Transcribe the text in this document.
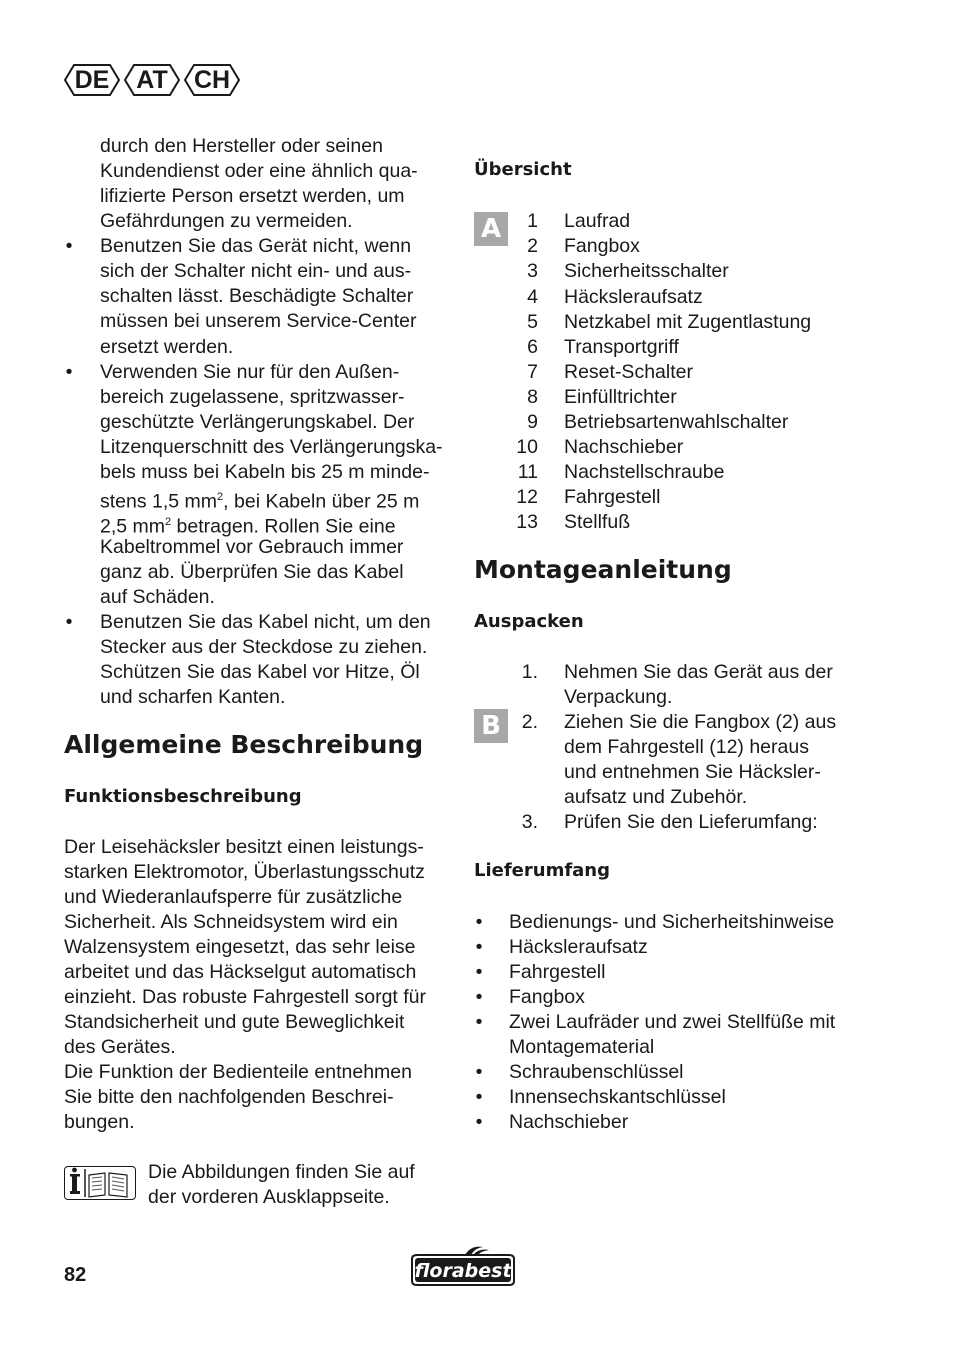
DE AT CH
durch den Hersteller oder seinen
Kundendienst oder eine ähnlich qua-
lifizierte Person ersetzt werden, um
Gefährdungen zu vermeiden.
• Benutzen Sie das Gerät nicht, wenn
sich der Schalter nicht ein- und aus-
schalten lässt. Beschädigte Schalter
müssen bei unserem Service-Center
ersetzt werden.
• Verwenden Sie nur für den Außen-
bereich zugelassene, spritzwasser-
geschützte Verlängerungskabel. Der
Litzenquerschnitt des Verlängerungska-
bels muss bei Kabeln bis 25 m minde-
stens 1,5 $mm^2$, bei Kabeln über 25 m
2,5 $mm^2$ betragen. Rollen Sie eine
Kabeltrommel vor Gebrauch immer
ganz ab. Überprüfen Sie das Kabel
auf Schäden.
• Benutzen Sie das Kabel nicht, um den
Stecker aus der Steckdose zu ziehen.
Schützen Sie das Kabel vor Hitze, Öl
und scharfen Kanten.
Allgemeine Beschreibung
Funktionsbeschreibung
Der Leisehäcksler besitzt einen leistungs-
starken Elektromotor, Überlastungsschutz
und Wiederanlaufsperre für zusätzliche
Sicherheit. Als Schneidsystem wird ein
Walzensystem eingesetzt, das sehr leise
arbeitet und das Häckselgut automatisch
einzieht. Das robuste Fahrgestell sorgt für
Standsicherheit und gute Beweglichkeit
des Gerätes.
Die Funktion der Bedienteile entnehmen
Sie bitte den nachfolgenden Beschrei-
bungen.
Die Abbildungen finden Sie auf
der vorderen Ausklappseite.
Übersicht
A	1 Laufrad
2 Fangbox
3 Sicherheitsschalter
4 Häcksleraufsatz
5 Netzkabel mit Zugentlastung
6 Transportgriff
7 Reset-Schalter
8 Einfülltrichter
9 Betriebsartenwahlschalter
10 Nachschieber
11 Nachstellschraube
12 Fahrgestell
13 Stellfuß
Montageanleitung
Auspacken
1. Nehmen Sie das Gerät aus der
Verpackung.
B	2. Ziehen Sie die Fangbox (2) aus
dem Fahrgestell (12) heraus
und entnehmen Sie Häcksler-
aufsatz und Zubehör.
3. Prüfen Sie den Lieferumfang:
Lieferumfang
• Bedienungs- und Sicherheitshinweise
• Häcksleraufsatz
• Fahrgestell
• Fangbox
• Zwei Laufräder und zwei Stellfüße mit
Montagematerial
• Schraubenschlüssel
• Innensechskantschlüssel
• Nachschieber
82	florabest
